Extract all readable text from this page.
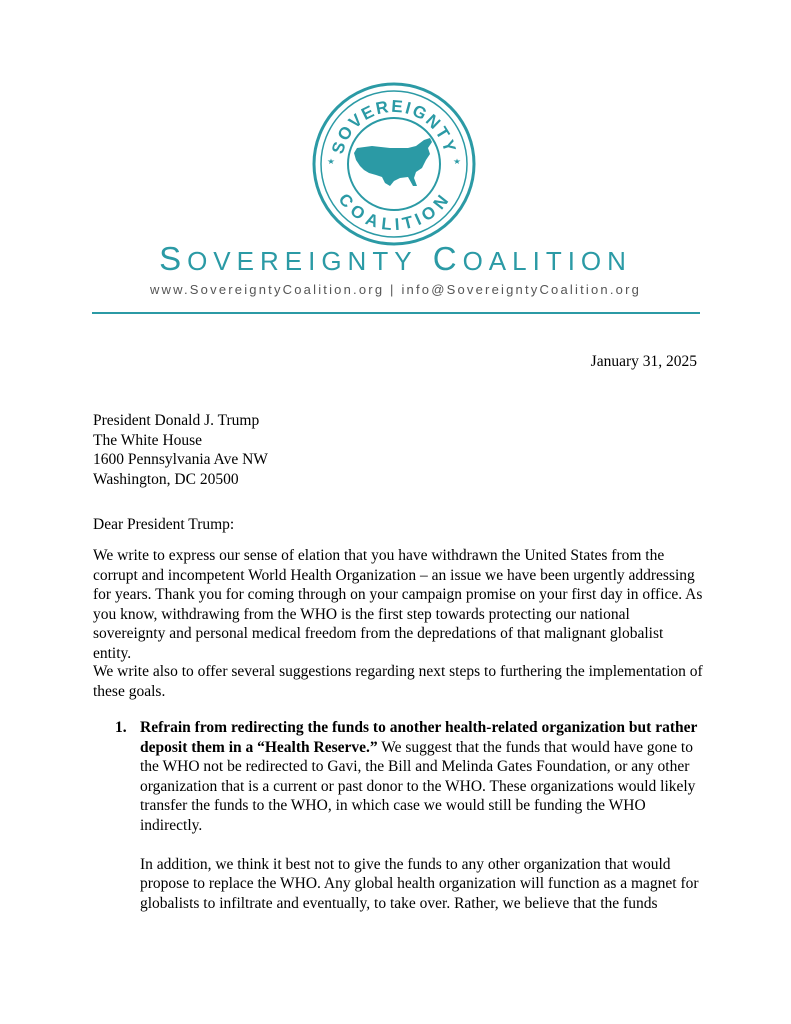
SOVEREIGNTY
COALITION
SOVEREIGNTY COALITION
www.SovereigntyCoalition.org | info@SovereigntyCoalition.org
January 31, 2025
President Donald J. Trump
The White House
1600 Pennsylvania Ave NW
Washington, DC 20500
Dear President Trump:
We write to express our sense of elation that you have withdrawn the United States from the corrupt and incompetent World Health Organization – an issue we have been urgently addressing for years. Thank you for coming through on your campaign promise on your first day in office. As you know, withdrawing from the WHO is the first step towards protecting our national sovereignty and personal medical freedom from the depredations of that malignant globalist entity.
We write also to offer several suggestions regarding next steps to furthering the implementation of these goals.
1. Refrain from redirecting the funds to another health-related organization but rather deposit them in a “Health Reserve.” We suggest that the funds that would have gone to the WHO not be redirected to Gavi, the Bill and Melinda Gates Foundation, or any other organization that is a current or past donor to the WHO. These organizations would likely transfer the funds to the WHO, in which case we would still be funding the WHO indirectly.

In addition, we think it best not to give the funds to any other organization that would propose to replace the WHO. Any global health organization will function as a magnet for globalists to infiltrate and eventually, to take over. Rather, we believe that the funds
